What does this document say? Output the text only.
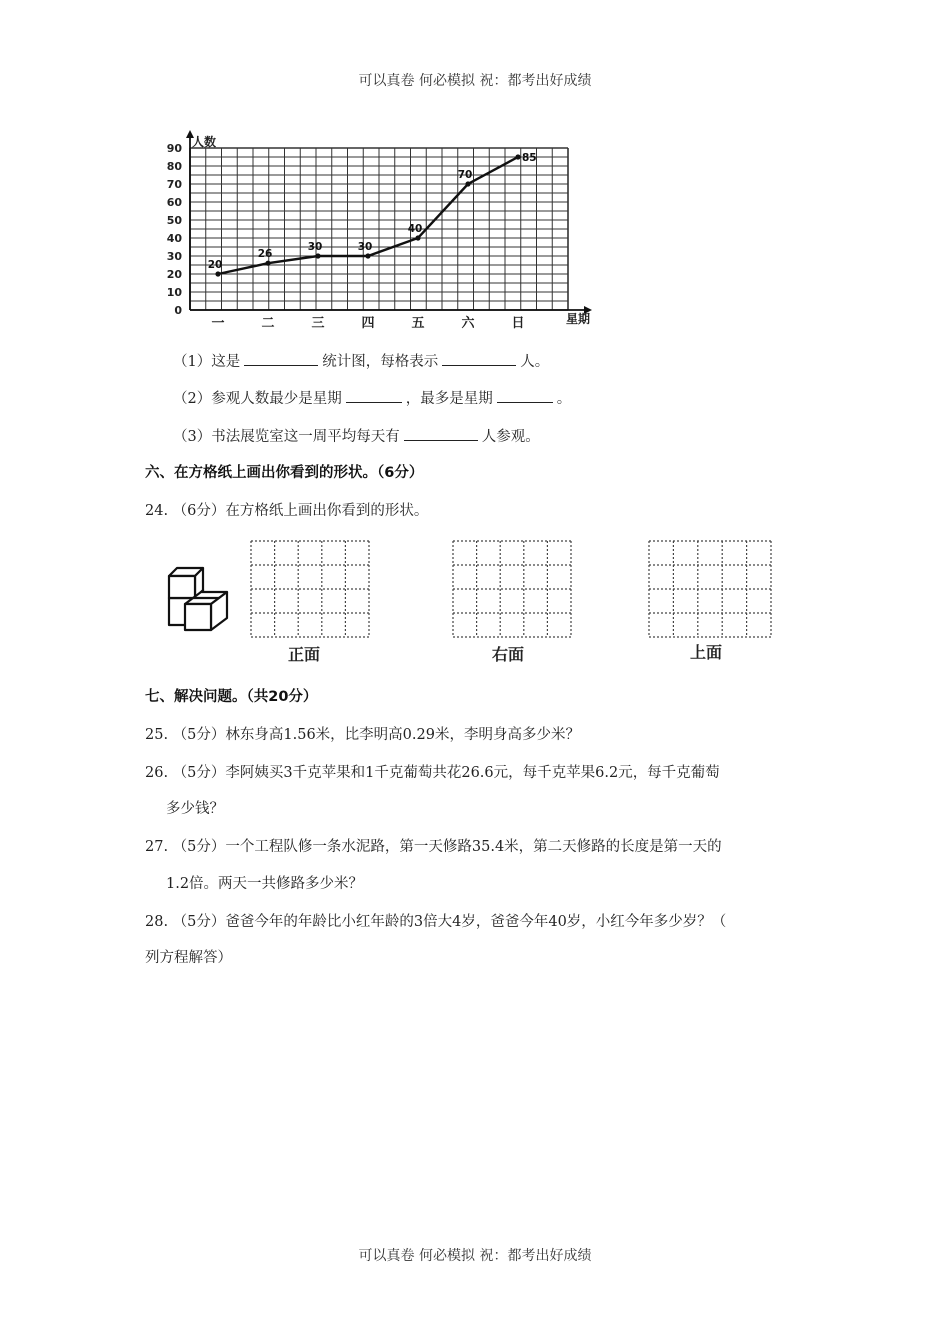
可以真卷 何必模拟 祝：都考出好成绩
0
10
20
30
40
50
60
70
80
90
一	二	三	四	五	六	日
20
26
30	30
40
70
85
人数
星期
（1）这是	统计图，每格表示	人。
（2）参观人数最少是星期	，最多是星期	。
（3）书法展览室这一周平均每天有	人参观。
六、在方格纸上画出你看到的形状。（6分）
24. （6分）在方格纸上画出你看到的形状。
正面	右面	上面
七、解决问题。（共20分）
25. （5分）林东身高1.56米，比李明高0.29米，李明身高多少米？
26. （5分）李阿姨买3千克苹果和1千克葡萄共花26.6元，每千克苹果6.2元，每千克葡萄
多少钱？
27. （5分）一个工程队修一条水泥路，第一天修路35.4米，第二天修路的长度是第一天的
1.2倍。两天一共修路多少米？
28. （5分）爸爸今年的年龄比小红年龄的3倍大4岁，爸爸今年40岁，小红今年多少岁？（
列方程解答）
可以真卷 何必模拟 祝：都考出好成绩
